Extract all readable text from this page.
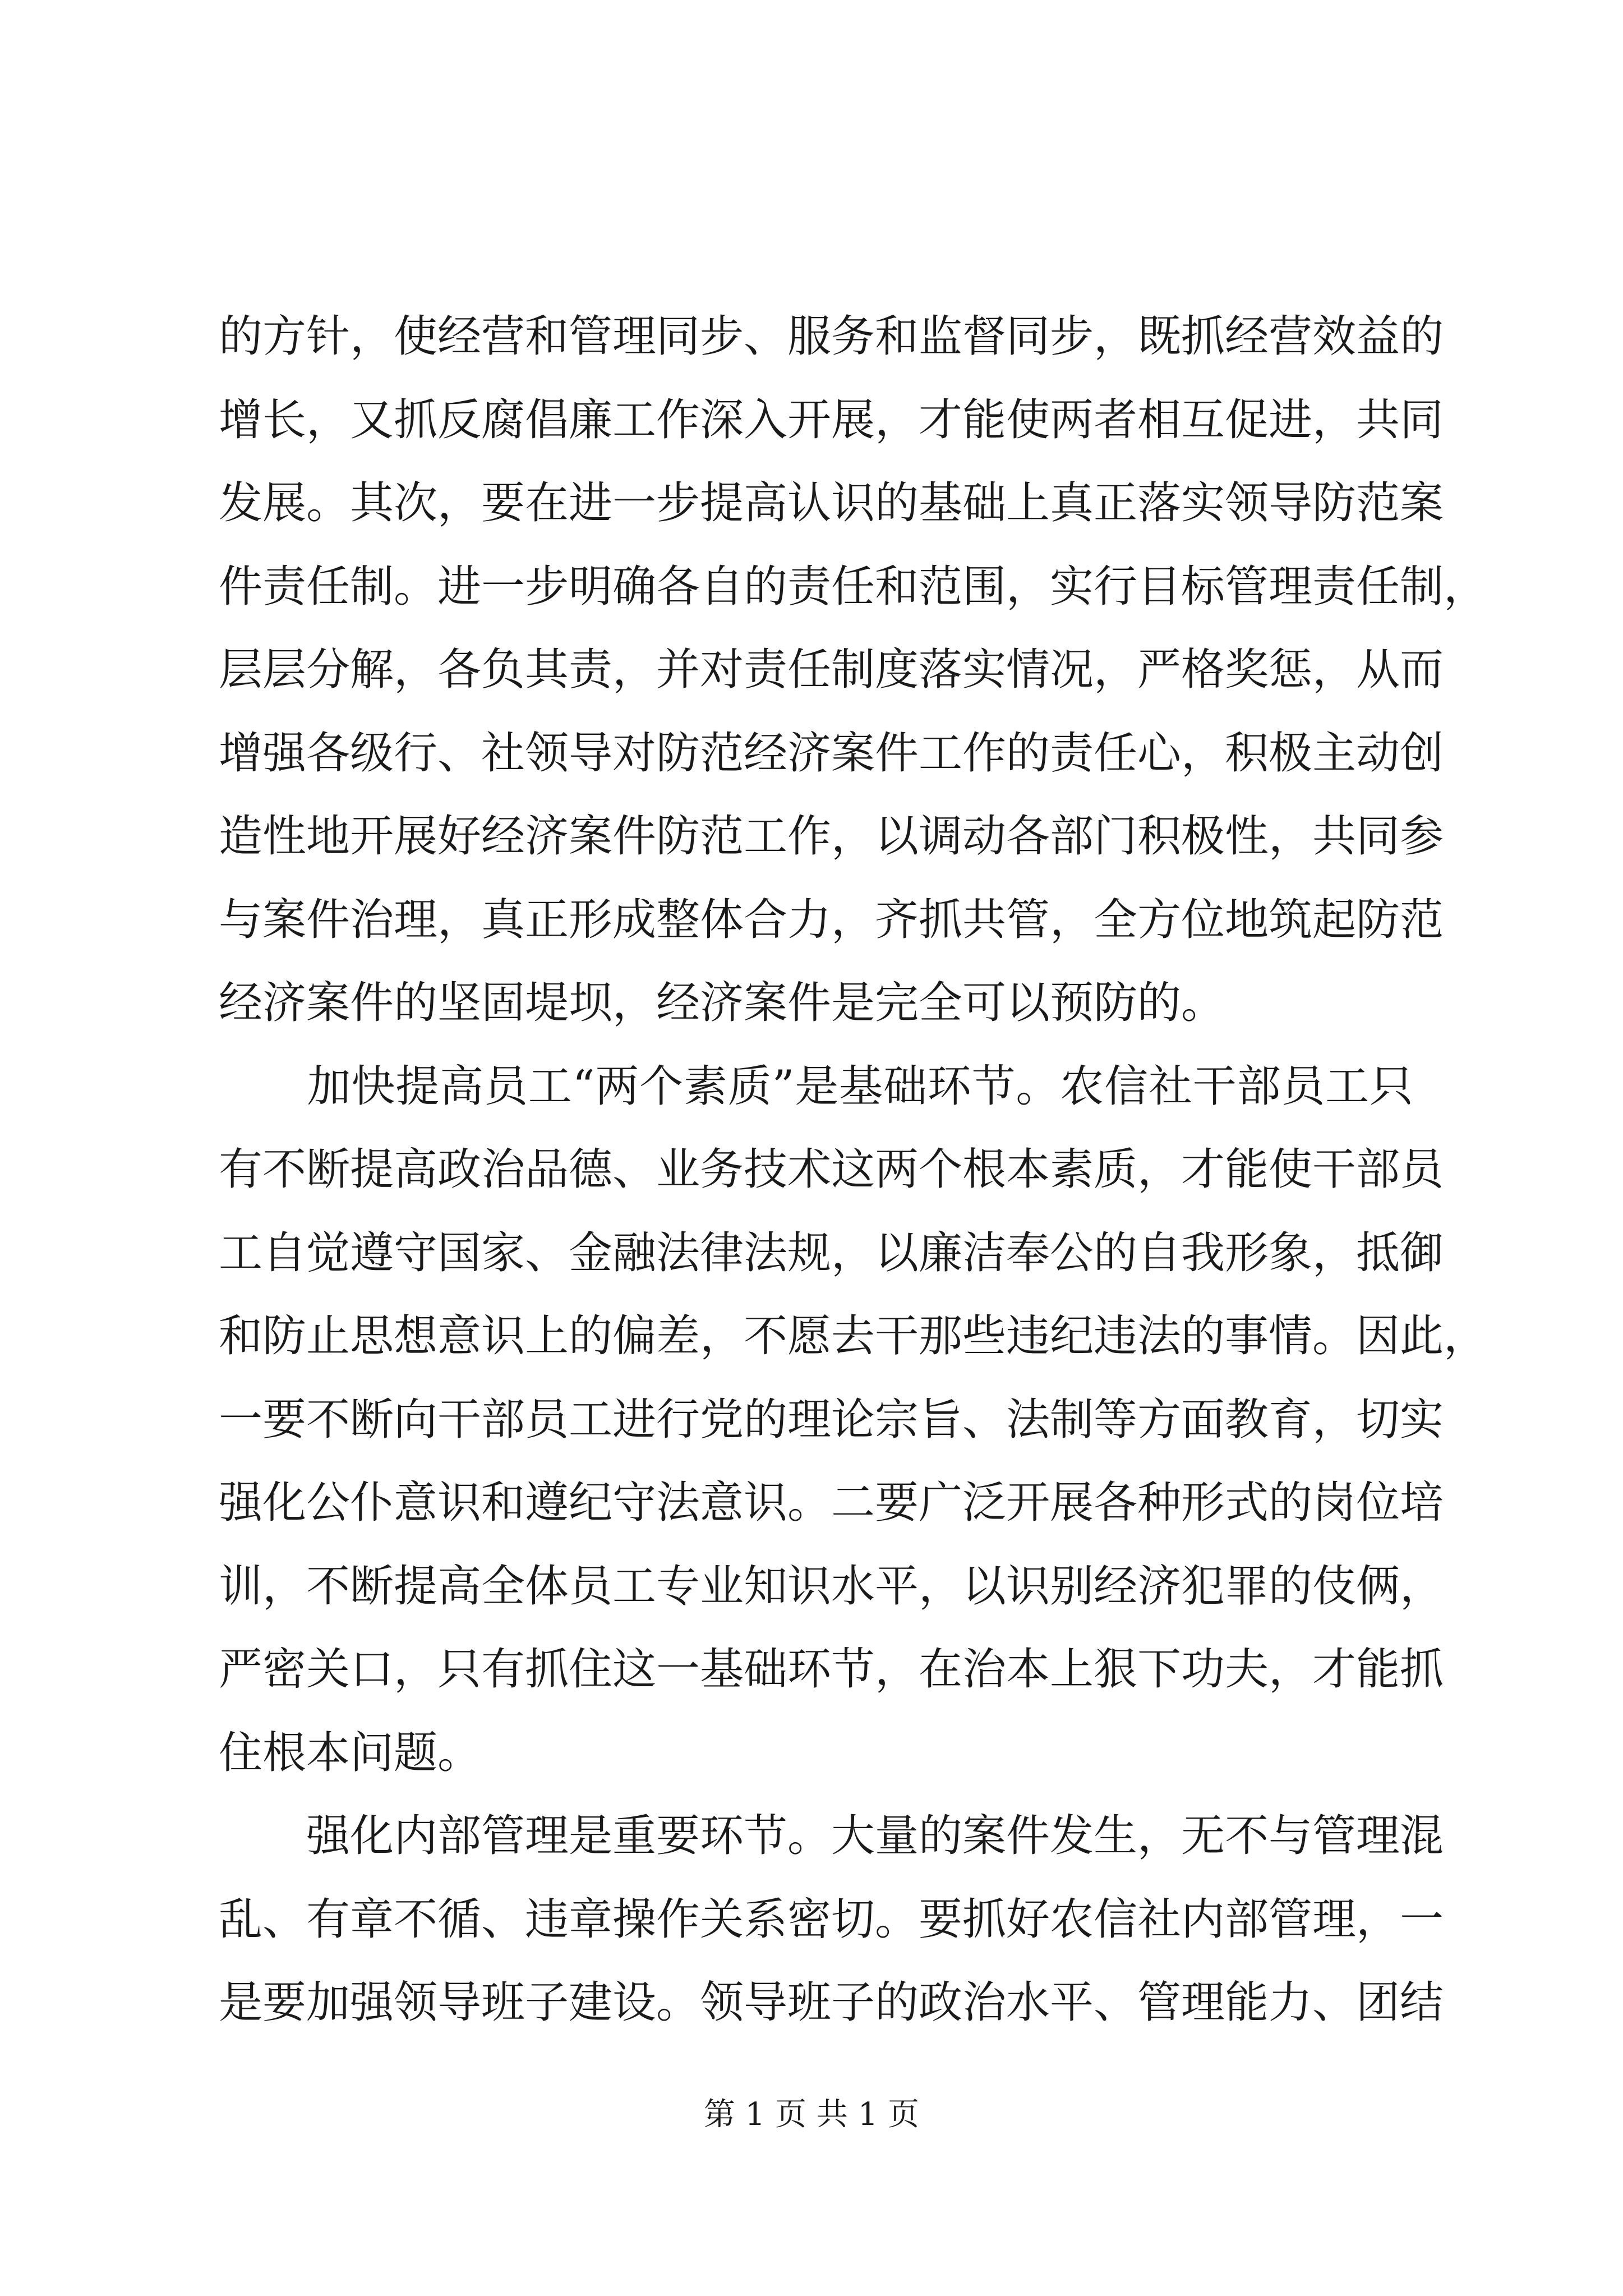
的方针，使经营和管理同步、服务和监督同步，既抓经营效益的
增长，又抓反腐倡廉工作深入开展，才能使两者相互促进，共同
发展。其次，要在进一步提高认识的基础上真正落实领导防范案
件责任制。进一步明确各自的责任和范围，实行目标管理责任制，
层层分解，各负其责，并对责任制度落实情况，严格奖惩，从而
增强各级行、社领导对防范经济案件工作的责任心，积极主动创
造性地开展好经济案件防范工作，以调动各部门积极性，共同参
与案件治理，真正形成整体合力，齐抓共管，全方位地筑起防范
经济案件的坚固堤坝，经济案件是完全可以预防的。
　　加快提高员工“两个素质”是基础环节。农信社干部员工只
有不断提高政治品德、业务技术这两个根本素质，才能使干部员
工自觉遵守国家、金融法律法规，以廉洁奉公的自我形象，抵御
和防止思想意识上的偏差，不愿去干那些违纪违法的事情。因此，
一要不断向干部员工进行党的理论宗旨、法制等方面教育，切实
强化公仆意识和遵纪守法意识。二要广泛开展各种形式的岗位培
训，不断提高全体员工专业知识水平，以识别经济犯罪的伎俩，
严密关口，只有抓住这一基础环节，在治本上狠下功夫，才能抓
住根本问题。
　　强化内部管理是重要环节。大量的案件发生，无不与管理混
乱、有章不循、违章操作关系密切。要抓好农信社内部管理，一
是要加强领导班子建设。领导班子的政治水平、管理能力、团结
第 1 页 共 1 页
